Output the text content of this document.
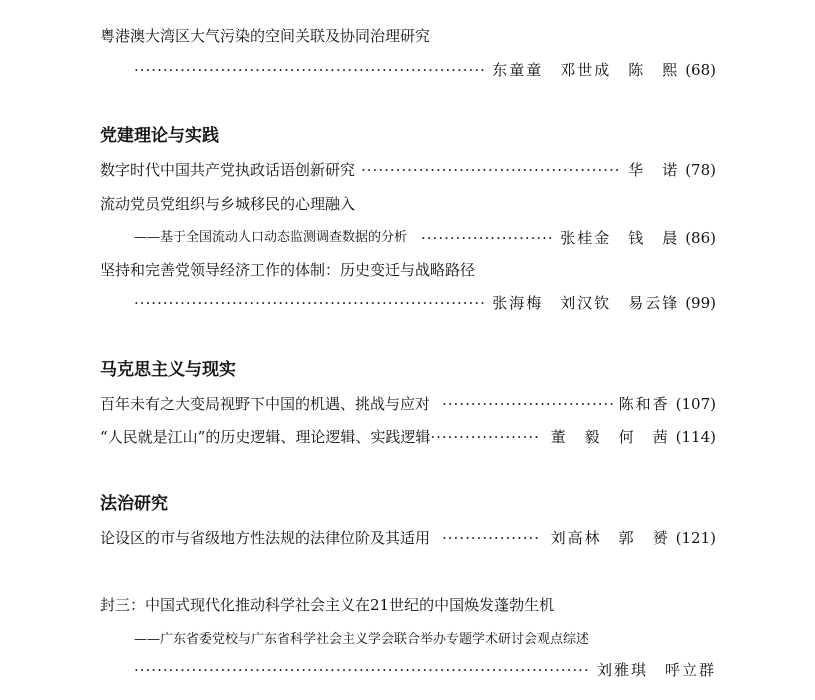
粤港澳大湾区大气污染的空间关联及协同治理研究
·····
东童童　邓世成　陈　熙 (68)
党建理论与实践
数字时代中国共产党执政话语创新研究 ·····	华　诺 (78)
流动党员党组织与乡城移民的心理融入
——基于全国流动人口动态监测调查数据的分析 ·····	张桂金　钱　晨 (86)
坚持和完善党领导经济工作的体制：历史变迁与战略路径
·····
张海梅　刘汉钦　易云锋 (99)
马克思主义与现实
百年未有之大变局视野下中国的机遇、挑战与应对 ·····	陈和香 (107)
“人民就是江山”的历史逻辑、理论逻辑、实践逻辑 ·····	董　毅　何　茜 (114)
法治研究
论设区的市与省级地方性法规的法律位阶及其适用 ·····	刘高林　郭　赟 (121)
封三：中国式现代化推动科学社会主义在21世纪的中国焕发蓬勃生机
——广东省委党校与广东省科学社会主义学会联合举办专题学术研讨会观点综述
·····
刘雅琪　呼立群
